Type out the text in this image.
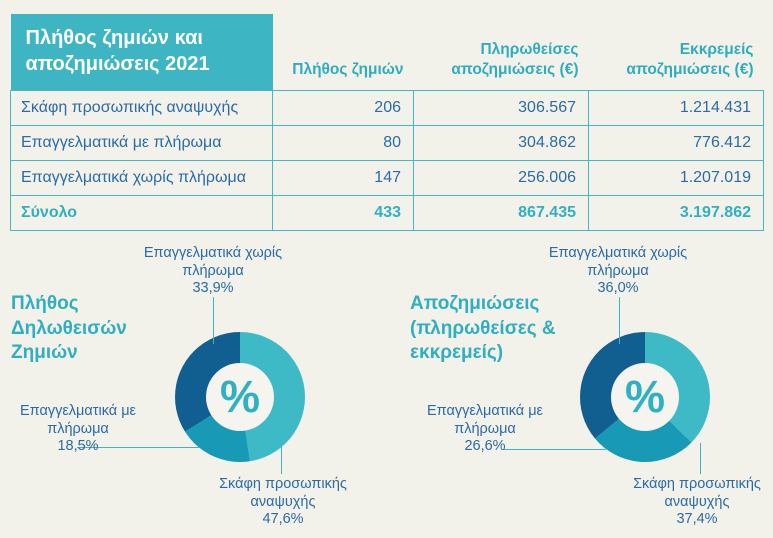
Πλήθος ζημιών και αποζημιώσεις 2021	Πλήθος ζημιών	Πληρωθείσες αποζημιώσεις (€)	Εκκρεμείς αποζημιώσεις (€)
Σκάφη προσωπικής αναψυχής	206	306.567	1.214.431
Επαγγελματικά με πλήρωμα	80	304.862	776.412
Επαγγελματικά χωρίς πλήρωμα	147	256.006	1.207.019
Σύνολο	433	867.435	3.197.862
Πλήθος Δηλωθεισών Ζημιών
%
Επαγγελματικά χωρίς πλήρωμα
33,9%
Επαγγελματικά με πλήρωμα
18,5%
Σκάφη προσωπικής αναψυχής
47,6%
Αποζημιώσεις (πληρωθείσες & εκκρεμείς)
%
Επαγγελματικά χωρίς πλήρωμα
36,0%
Επαγγελματικά με πλήρωμα
26,6%
Σκάφη προσωπικής αναψυχής
37,4%
